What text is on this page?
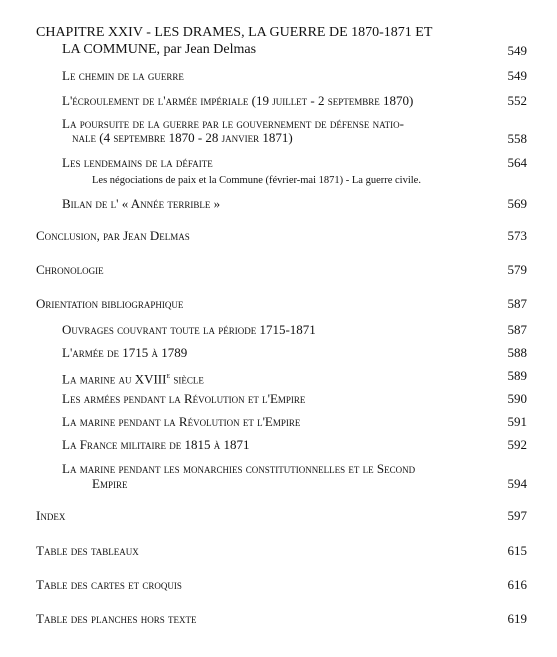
CHAPITRE XXIV - LES DRAMES, LA GUERRE DE 1870-1871 ET
LA COMMUNE, par Jean Delmas	549
Le chemin de la guerre	549
L'écroulement de l'armée impériale (19 juillet - 2 septembre 1870)	552
La poursuite de la guerre par le gouvernement de défense natio-
nale (4 septembre 1870 - 28 janvier 1871)	558
Les lendemains de la défaite	564
Les négociations de paix et la Commune (février-mai 1871) - La guerre civile.
Bilan de l' « Année terrible »	569
Conclusion, par Jean Delmas	573
Chronologie	579
Orientation bibliographique	587
Ouvrages couvrant toute la période 1715-1871	587
L'armée de 1715 à 1789	588
La marine au XVIIIe siècle	589
Les armées pendant la Révolution et l'Empire	590
La marine pendant la Révolution et l'Empire	591
La France militaire de 1815 à 1871	592
La marine pendant les monarchies constitutionnelles et le Second
Empire	594
Index	597
Table des tableaux	615
Table des cartes et croquis	616
Table des planches hors texte	619
